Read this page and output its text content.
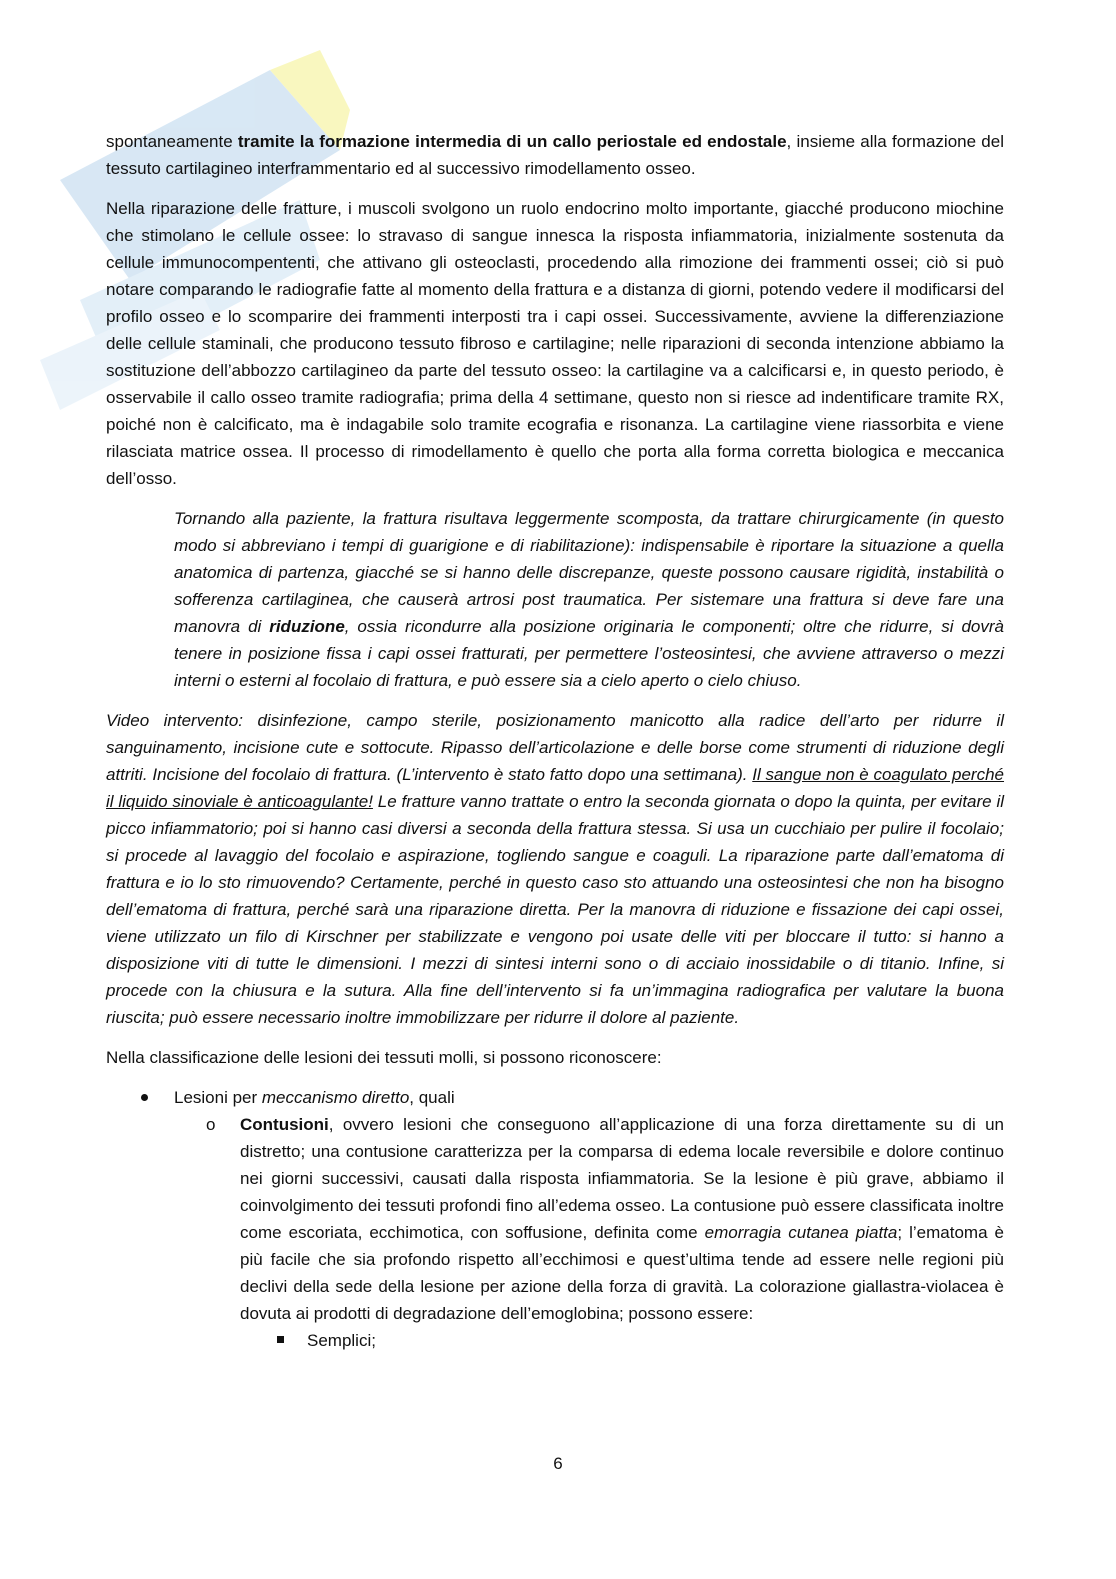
spontaneamente tramite la formazione intermedia di un callo periostale ed endostale, insieme alla formazione del tessuto cartilagineo interframmentario ed al successivo rimodellamento osseo.

Nella riparazione delle fratture, i muscoli svolgono un ruolo endocrino molto importante, giacché producono miochine che stimolano le cellule ossee: lo stravaso di sangue innesca la risposta infiammatoria, inizialmente sostenuta da cellule immunocompententi, che attivano gli osteoclasti, procedendo alla rimozione dei frammenti ossei; ciò si può notare comparando le radiografie fatte al momento della frattura e a distanza di giorni, potendo vedere il modificarsi del profilo osseo e lo scomparire dei frammenti interposti tra i capi ossei. Successivamente, avviene la differenziazione delle cellule staminali, che producono tessuto fibroso e cartilagine; nelle riparazioni di seconda intenzione abbiamo la sostituzione dell’abbozzo cartilagineo da parte del tessuto osseo: la cartilagine va a calcificarsi e, in questo periodo, è osservabile il callo osseo tramite radiografia; prima della 4 settimane, questo non si riesce ad indentificare tramite RX, poiché non è calcificato, ma è indagabile solo tramite ecografia e risonanza. La cartilagine viene riassorbita e viene rilasciata matrice ossea. Il processo di rimodellamento è quello che porta alla forma corretta biologica e meccanica dell’osso.

Tornando alla paziente, la frattura risultava leggermente scomposta, da trattare chirurgicamente (in questo modo si abbreviano i tempi di guarigione e di riabilitazione): indispensabile è riportare la situazione a quella anatomica di partenza, giacché se si hanno delle discrepanze, queste possono causare rigidità, instabilità o sofferenza cartilaginea, che causerà artrosi post traumatica. Per sistemare una frattura si deve fare una manovra di riduzione, ossia ricondurre alla posizione originaria le componenti; oltre che ridurre, si dovrà tenere in posizione fissa i capi ossei fratturati, per permettere l’osteosintesi, che avviene attraverso o mezzi interni o esterni al focolaio di frattura, e può essere sia a cielo aperto o cielo chiuso.

Video intervento: disinfezione, campo sterile, posizionamento manicotto alla radice dell’arto per ridurre il sanguinamento, incisione cute e sottocute. Ripasso dell’articolazione e delle borse come strumenti di riduzione degli attriti. Incisione del focolaio di frattura. (L’intervento è stato fatto dopo una settimana). Il sangue non è coagulato perché il liquido sinoviale è anticoagulante! Le fratture vanno trattate o entro la seconda giornata o dopo la quinta, per evitare il picco infiammatorio; poi si hanno casi diversi a seconda della frattura stessa. Si usa un cucchiaio per pulire il focolaio; si procede al lavaggio del focolaio e aspirazione, togliendo sangue e coaguli. La riparazione parte dall’ematoma di frattura e io lo sto rimuovendo? Certamente, perché in questo caso sto attuando una osteosintesi che non ha bisogno dell’ematoma di frattura, perché sarà una riparazione diretta. Per la manovra di riduzione e fissazione dei capi ossei, viene utilizzato un filo di Kirschner per stabilizzate e vengono poi usate delle viti per bloccare il tutto: si hanno a disposizione viti di tutte le dimensioni. I mezzi di sintesi interni sono o di acciaio inossidabile o di titanio. Infine, si procede con la chiusura e la sutura. Alla fine dell’intervento si fa un’immagina radiografica per valutare la buona riuscita; può essere necessario inoltre immobilizzare per ridurre il dolore al paziente.

Nella classificazione delle lesioni dei tessuti molli, si possono riconoscere:

Lesioni per meccanismo diretto, quali

o Contusioni, ovvero lesioni che conseguono all’applicazione di una forza direttamente su di un distretto; una contusione caratterizza per la comparsa di edema locale reversibile e dolore continuo nei giorni successivi, causati dalla risposta infiammatoria. Se la lesione è più grave, abbiamo il coinvolgimento dei tessuti profondi fino all’edema osseo. La contusione può essere classificata inoltre come escoriata, ecchimotica, con soffusione, definita come emorragia cutanea piatta; l’ematoma è più facile che sia profondo rispetto all’ecchimosi e quest’ultima tende ad essere nelle regioni più declivi della sede della lesione per azione della forza di gravità. La colorazione giallastra-violacea è dovuta ai prodotti di degradazione dell’emoglobina; possono essere:

Semplici;

6
